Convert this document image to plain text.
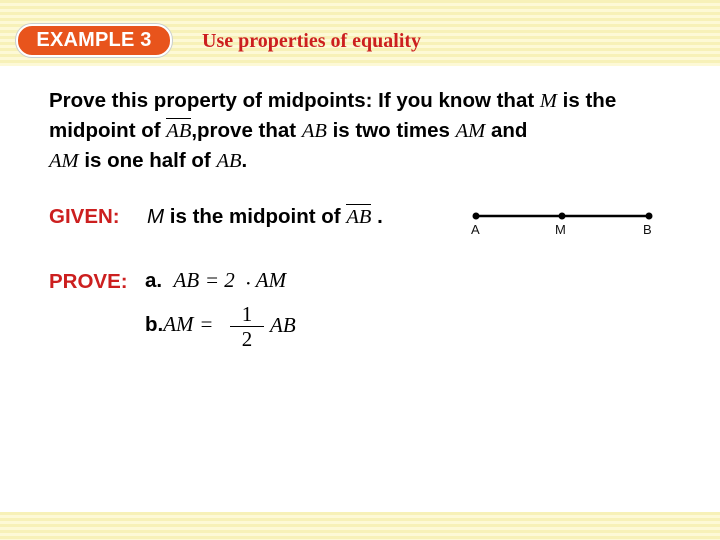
EXAMPLE 3	Use properties of equality
Prove this property of midpoints: If you know that M is the midpoint of AB,prove that AB is two times AM and
AM is one half of AB.
GIVEN: M is the midpoint of AB .
A	M	B
PROVE: a. AB = 2 • AM
b.AM =	1
2
AB
